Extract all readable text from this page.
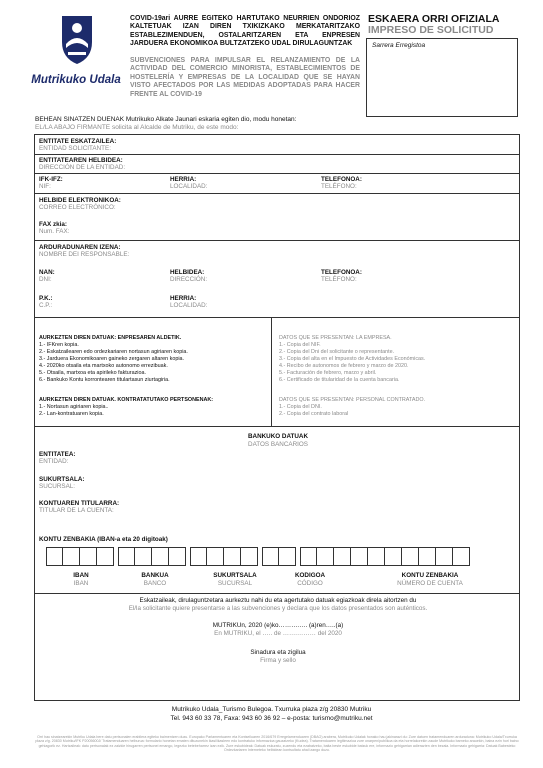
Mutrikuko Udala
COVID-19ari AURRE EGITEKO HARTUTAKO NEURRIEN ONDORIOZ KALTETUAK IZAN DIREN TXIKIZKAKO MERKATARITZAKO ESTABLEZIMENDUEN, OSTALARITZAREN ETA ENPRESEN JARDUERA EKONOMIKOA BULTZATZEKO UDAL DIRULAGUNTZAK
SUBVENCIONES PARA IMPULSAR EL RELANZAMIENTO DE LA ACTIVIDAD DEL COMERCIO MINORISTA, ESTABLECIMIENTOS DE HOSTELERÍA Y EMPRESAS DE LA LOCALIDAD QUE SE HAYAN VISTO AFECTADOS POR LAS MEDIDAS ADOPTADAS PARA HACER FRENTE AL COVID-19
ESKAERA ORRI OFIZIALA
IMPRESO DE SOLICITUD
Sarrera Erregistoa
BEHEAN SINATZEN DUENAK Mutrikuko Alkate Jaunari eskaria egiten dio, modu honetan:
EL/LA ABAJO FIRMANTE solicita al Alcalde de Mutriku, de este modo:
ENTITATE ESKATZAILEA:
ENTIDAD SOLICITANTE:
ENTITATEAREN HELBIDEA:
DIRECCIÓN DE LA ENTIDAD:
IFK-IFZ:
NIF:
HERRIA:
LOCALIDAD:
TELEFONOA:
TELÉFONO:
HELBIDE ELEKTRONIKOA:
CORREO ELECTRÓNICO:
FAX zkia:
Num. FAX:
ARDURADUNAREN IZENA:
NOMBRE DEI RESPONSABLE:
NAN:
DNI:
HELBIDEA:
DIRECCIÓN:
TELEFONOA:
TELÉFONO:
P.K.:
C.P.:
HERRIA:
LOCALIDAD:
AURKEZTEN DIREN DATUAK: ENPRESAREN ALDETIK.
1.- IFKren kopia.
2.- Eskatzailearen edo ordezkariaren nortasun agiriaren kopia.
3.- Jarduera Ekonomikoaren gaineko zergaren altaren kopia.
4.- 2020ko otsaila eta martxoko autonomo errezibuak.
5.- Otsaila, martxoa eta apirileko fakturazioa.
6.- Bankuko Kontu korrontearen titulartasun ziurtagiria.
DATOS QUE SE PRESENTAN: LA EMPRESA.
1.- Copia del NIF.
2.- Copia del Dni del solicitante o representante.
3.- Copia del alta en el Impuesto de Actividades Económicas.
4.- Recibo de autonomos de febrero y marzo de 2020.
5.- Facturación de febrero, marzo y abril.
6.- Certificado de titularidad de la cuenta bancaria.
AURKEZTEN DIREN DATUAK. KONTRATATUTAKO PERTSONENAK:
1.- Nortasun agiriaren kopia..
2.- Lan-kontratuaren kopia.
DATOS QUE SE PRESENTAN: PERSONAL CONTRATADO.
1.- Copia del DNI.
2.- Copia del contrato laboral
BANKUKO DATUAK
DATOS BANCARIOS
ENTITATEA:
ENTIDAD:
SUKURTSALA:
SUCURSAL:
KONTUAREN TITULARRA:
TITULAR DE LA CUENTA:
KONTU ZENBAKIA (IBAN-a eta 20 digitoak)
IBAN
IBAN
BANKUA
BANCO
SUKURTSALA
SUCURSAL
KODIGOA
CÓDIGO
KONTU ZENBAKIA
NÚMERO DE CUENTA
Eskatzaileak, dirulaguntzetara aurkeztu nahi du eta agertutako datuak egiazkoak direla aitortzen du
El/la solicitante quiere presentarse a las subvenciones y declara que los datos presentados son auténticos.
MUTRIKUn, 2020 (e)ko……….…. (a)ren…..(a)
En MUTRIKU, el ….. de …….……… del 2020
Sinadura eta zigilua
Firma y sello
Mutrikuko Udala_Turismo Bulegoa. Txurruka plaza z/g 20830 Mutriku
Tel. 943 60 33 78, Faxa: 943 60 36 92 – e-posta: turismo@mutriku.net
Orri hau sinatzearekin Mutriku Udala bere datu pertsonalen erabilera egiteko baimentzen duzu. Europako Parlamentuaren eta Kontseiluaren 2016/679 Erregelamenduaren (DBAO) arabera, Mutrikuko Udalak honako hau jakinarazi du: Zure datuen tratamenduaren arduraduna: Mutrikuko Udala/Txurruka plaza z/g. 20830 Mutriku/IFK P2005600J/ Tratamenduaren helburua: formulario honetan ematen dituzunekin ikasi/ikasleen edo kontratuko informazioa gauzatzeko (Kudea). Tratamenduaren legitimazioa zure onarpen/publikoa da eta horrelakorekin zaude Mutrikuko barneko arauekin, baina ezin hori baino gehiagorik ez. Hartzaileak: datu pertsonalak ez zaizkie hirugarren pertsonei emango, legezko betebeharrez izan ezik. Zure eskubideak: Datuak eskuratu, zuzendu eta ezabatzeko, baita beste eskubide batzuk ere, informazio gehigarrian adierazten den bezala. Informazio gehigarria: Datuak Babesteko Ordezkariaren Interneteko helbidean kontsultatu ahal izango duzu.
